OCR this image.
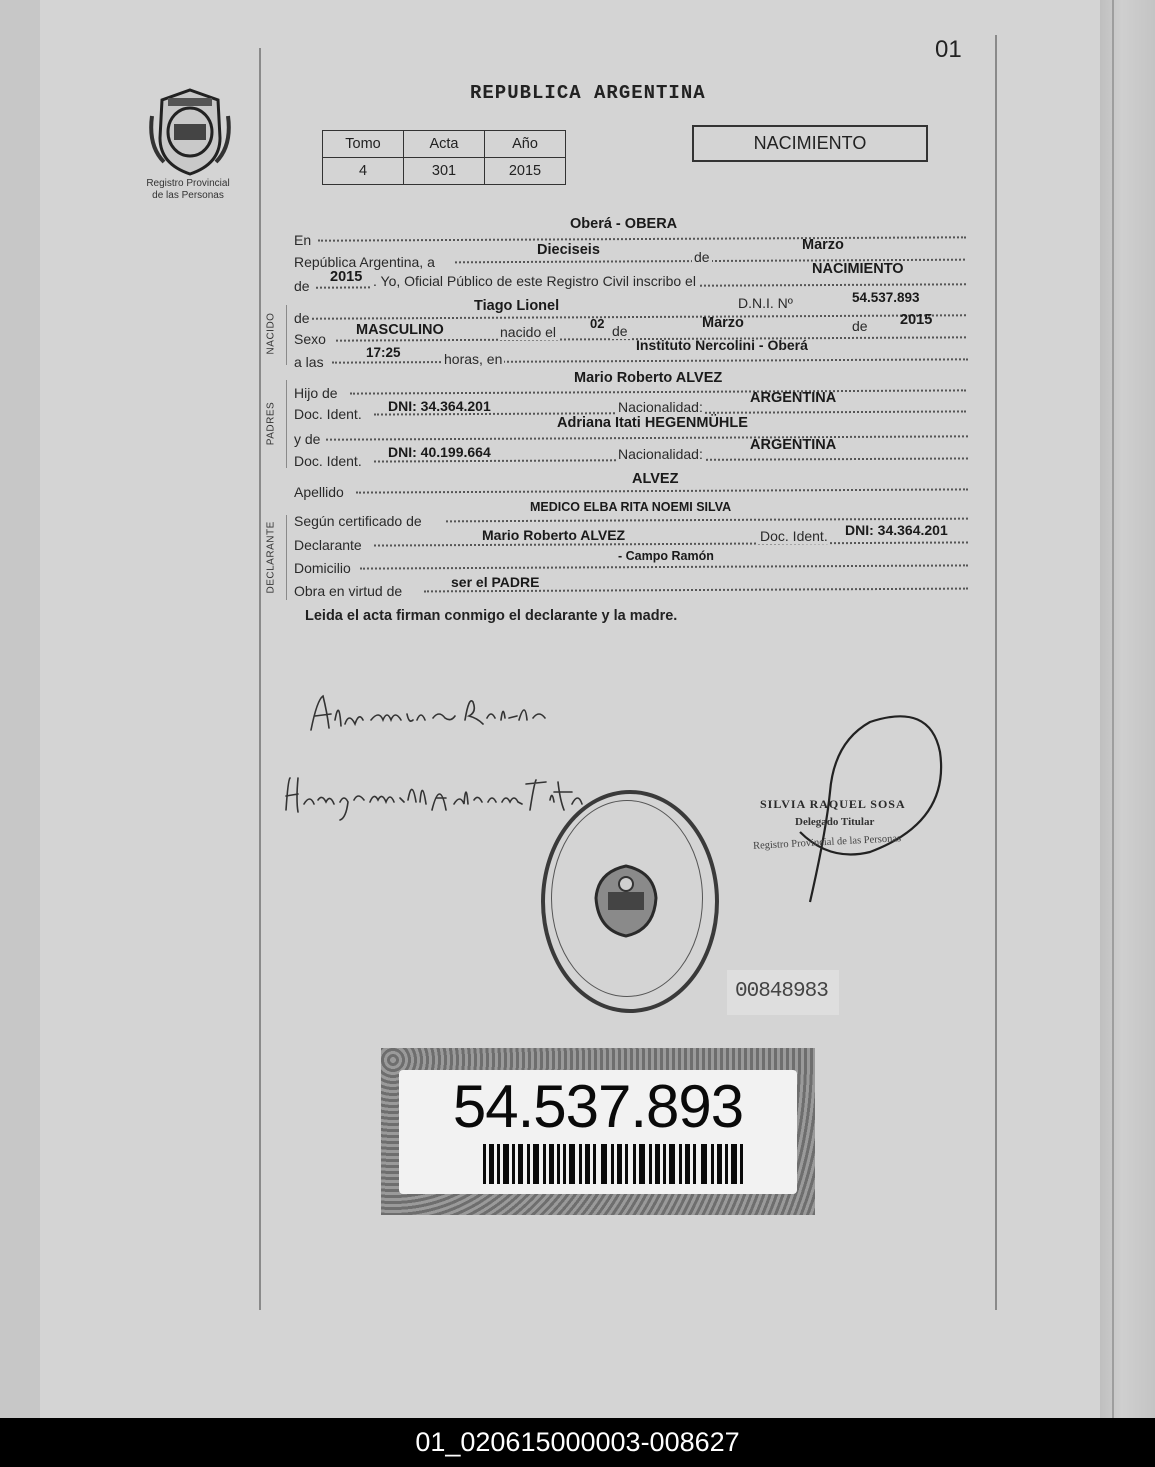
01
Registro Provincial
de las Personas
REPUBLICA ARGENTINA
Tomo	Acta	Año
4	301	2015
NACIMIENTO
NACIDO
PADRES
DECLARANTE
En
Oberá - OBERA
República Argentina, a
Dieciseis	de
Marzo
de
2015 . Yo, Oficial Público de este Registro Civil inscribo el
NACIMIENTO
de
Tiago Lionel	D.N.I. Nº	54.537.893
Sexo
MASCULINO	nacido el
02 de	Marzo	de 2015
a las
17:25	horas, en
Instituto Nercolini - Oberá
Hijo de
Mario Roberto ALVEZ
Doc. Ident. DNI: 34.364.201	Nacionalidad:
ARGENTINA
y de
Adriana Itati HEGENMÜHLE
Doc. Ident.
DNI: 40.199.664	Nacionalidad:
ARGENTINA
Apellido
ALVEZ
Según certificado de
MEDICO ELBA RITA NOEMI SILVA
Declarante
Mario Roberto ALVEZ	Doc. Ident. DNI: 34.364.201
Domicilio
- Campo Ramón
Obra en virtud de
ser el PADRE
Leida el acta firman conmigo el declarante y la madre.
SILVIA RAQUEL SOSA
Delegado Titular
Registro Provincial de las Personas
00848983
54.537.893
01_020615000003-008627
